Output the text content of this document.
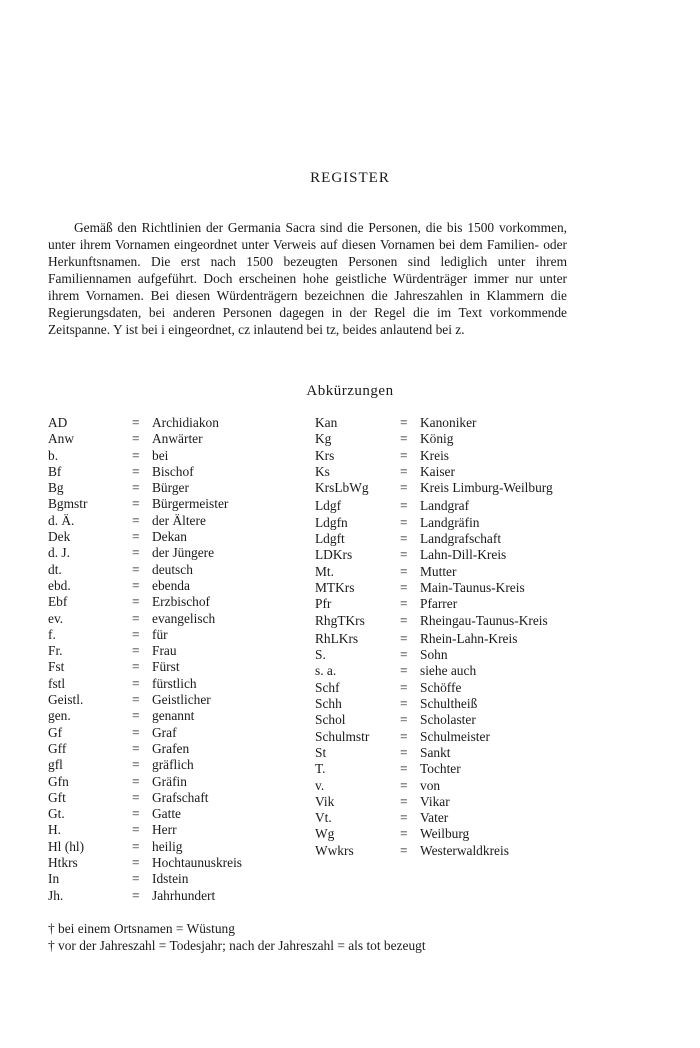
REGISTER

Gemäß den Richtlinien der Germania Sacra sind die Personen, die bis 1500 vorkommen, unter ihrem Vornamen eingeordnet unter Verweis auf diesen Vornamen bei dem Familien- oder Herkunftsnamen. Die erst nach 1500 bezeugten Personen sind lediglich unter ihrem Familiennamen aufgeführt. Doch erscheinen hohe geistliche Würdenträger immer nur unter ihrem Vornamen. Bei diesen Würdenträgern bezeichnen die Jahreszahlen in Klammern die Regierungsdaten, bei anderen Personen dagegen in der Regel die im Text vorkommende Zeitspanne. Y ist bei i eingeordnet, cz inlautend bei tz, beides anlautend bei z.

Abkürzungen
AD	= Archidiakon
Anw	= Anwärter
b.	= bei
Bf	= Bischof
Bg	= Bürger
Bgmstr	= Bürgermeister
d. Ä.	= der Ältere
Dek	= Dekan
d. J.	= der Jüngere
dt.	= deutsch
ebd.	= ebenda
Ebf	= Erzbischof
ev.	= evangelisch
f.	= für
Fr.	= Frau
Fst	= Fürst
fstl	= fürstlich
Geistl.	= Geistlicher
gen.	= genannt
Gf	= Graf
Gff	= Grafen
gfl	= gräflich
Gfn	= Gräfin
Gft	= Grafschaft
Gt.	= Gatte
H.	= Herr
Hl (hl)	= heilig
Htkrs	= Hochtaunuskreis
In	= Idstein
Jh.	= Jahrhundert
Kan	= Kanoniker
Kg	= König
Krs	= Kreis
Ks	= Kaiser
KrsLbWg	= Kreis Limburg-Weilburg
Ldgf	= Landgraf
Ldgfn	= Landgräfin
Ldgft	= Landgrafschaft
LDKrs	= Lahn-Dill-Kreis
Mt.	= Mutter
MTKrs	= Main-Taunus-Kreis
Pfr	= Pfarrer
RhgTKrs	= Rheingau-Taunus-Kreis
RhLKrs	= Rhein-Lahn-Kreis
S.	= Sohn
s. a.	= siehe auch
Schf	= Schöffe
Schh	= Schultheiß
Schol	= Scholaster
Schulmstr	= Schulmeister
St	= Sankt
T.	= Tochter
v.	= von
Vik	= Vikar
Vt.	= Vater
Wg	= Weilburg
Wwkrs	= Westerwaldkreis
† bei einem Ortsnamen = Wüstung
† vor der Jahreszahl = Todesjahr; nach der Jahreszahl = als tot bezeugt
